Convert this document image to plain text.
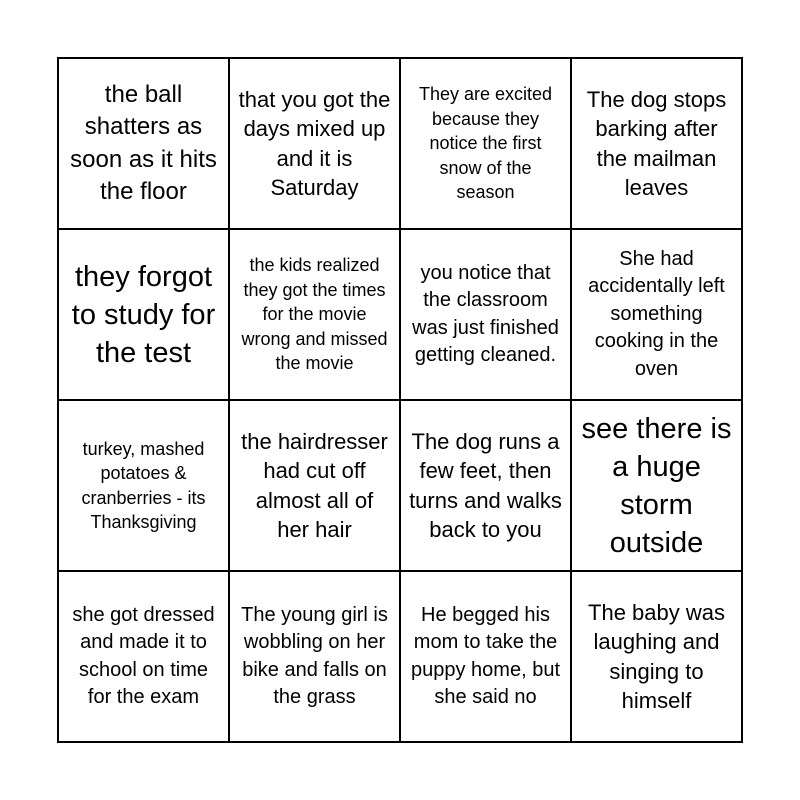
the ball shatters as soon as it hits the floor
that you got the days mixed up and it is Saturday
They are excited because they notice the first snow of the season
The dog stops barking after the mailman leaves
they forgot to study for the test
the kids realized they got the times for the movie wrong and missed the movie
you notice that the classroom was just finished getting cleaned.
She had accidentally left something cooking in the oven
turkey, mashed potatoes & cranberries - its Thanksgiving
the hairdresser had cut off almost all of her hair
The dog runs a few feet, then turns and walks back to you
see there is a huge storm outside
she got dressed and made it to school on time for the exam
The young girl is wobbling on her bike and falls on the grass
He begged his mom to take the puppy home, but she said no
The baby was laughing and singing to himself
